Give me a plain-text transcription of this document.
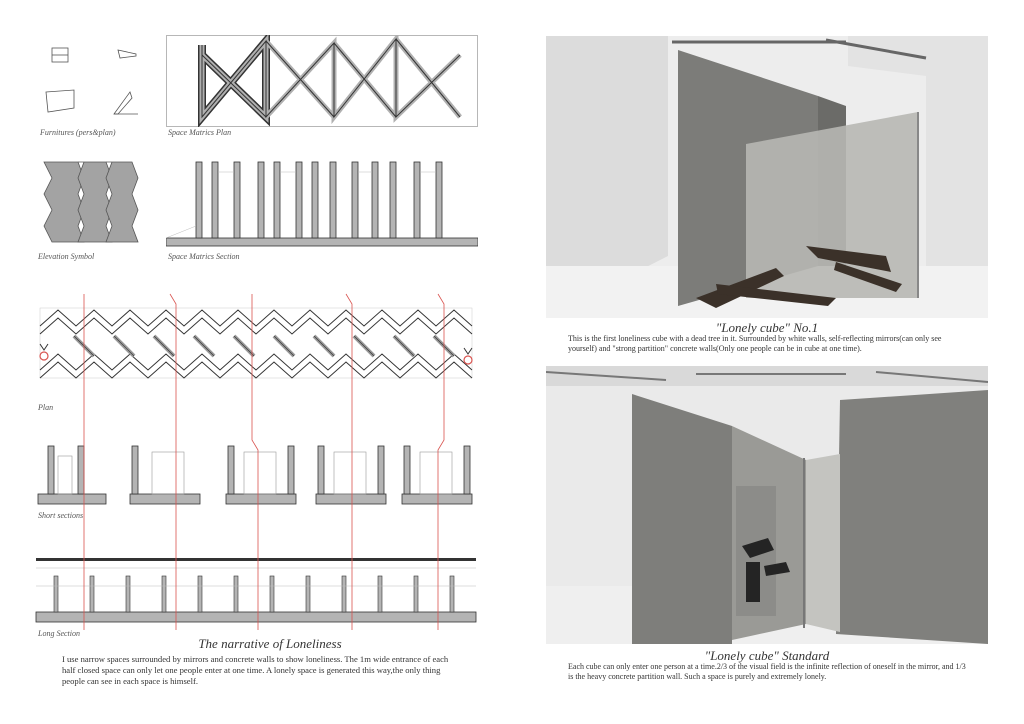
Furnitures (pers&plan)	Space Matrics Plan
Elevation Symbol	Space Matrics Section
Plan
Short sections
Long Section
The narrative of Loneliness
I use narrow spaces surrounded by mirrors and concrete walls to show loneliness. The 1m wide entrance of each half closed space can only let one people enter at one time. A lonely space is generated this way,the only thing people can see in each space is himself.
"Lonely cube" No.1
This is the first loneliness cube with a dead tree in it. Surrounded by white walls, self-reflecting mirrors(can only see yourself) and "strong partition" concrete walls(Only one people can be in cube at one time).
"Lonely cube" Standard
Each cube can only enter one person at a time.2/3 of the visual field is the infinite reflection of oneself in the mirror, and 1/3 is the heavy concrete partition wall. Such a space is purely and extremely lonely.
